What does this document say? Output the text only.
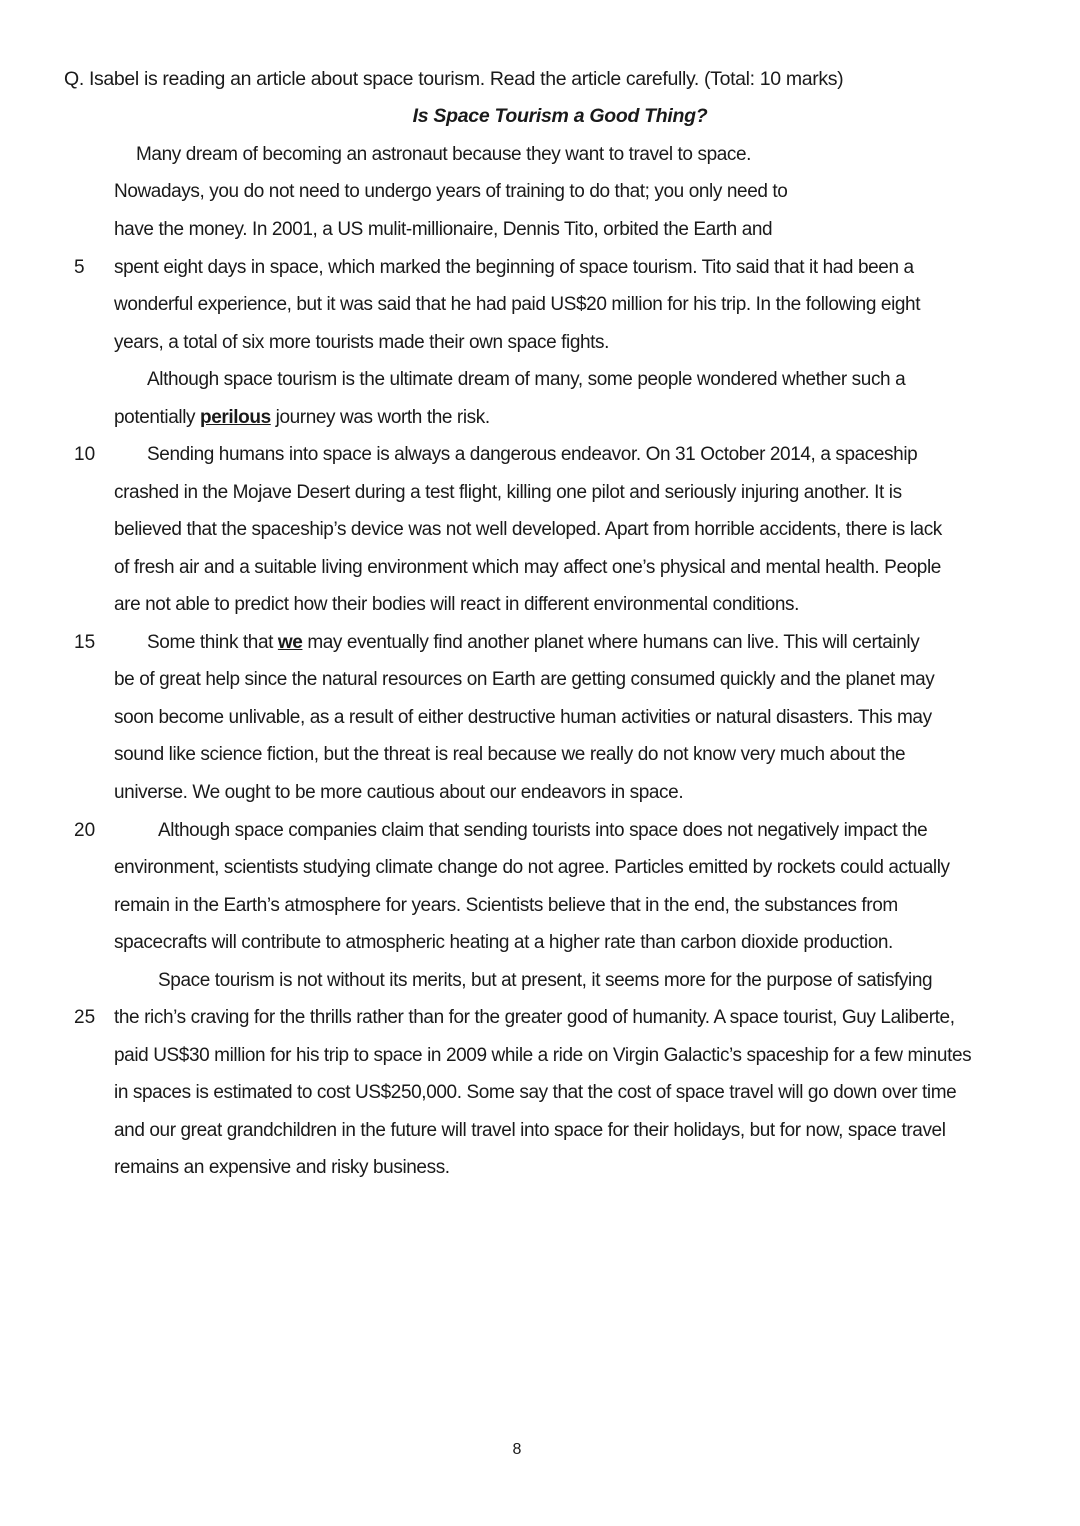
Q. Isabel is reading an article about space tourism. Read the article carefully. (Total: 10 marks)
Is Space Tourism a Good Thing?
Many dream of becoming an astronaut because they want to travel to space.
Nowadays, you do not need to undergo years of training to do that; you only need to
have the money. In 2001, a US mulit-millionaire, Dennis Tito, orbited the Earth and
5	spent eight days in space, which marked the beginning of space tourism. Tito said that it had been a
wonderful experience, but it was said that he had paid US$20 million for his trip. In the following eight
years, a total of six more tourists made their own space fights.
Although space tourism is the ultimate dream of many, some people wondered whether such a
potentially perilous journey was worth the risk.
10	Sending humans into space is always a dangerous endeavor. On 31 October 2014, a spaceship
crashed in the Mojave Desert during a test flight, killing one pilot and seriously injuring another. It is
believed that the spaceship’s device was not well developed. Apart from horrible accidents, there is lack
of fresh air and a suitable living environment which may affect one’s physical and mental health. People
are not able to predict how their bodies will react in different environmental conditions.
15	Some think that we may eventually find another planet where humans can live. This will certainly
be of great help since the natural resources on Earth are getting consumed quickly and the planet may
soon become unlivable, as a result of either destructive human activities or natural disasters. This may
sound like science fiction, but the threat is real because we really do not know very much about the
universe. We ought to be more cautious about our endeavors in space.
20	Although space companies claim that sending tourists into space does not negatively impact the
environment, scientists studying climate change do not agree. Particles emitted by rockets could actually
remain in the Earth’s atmosphere for years. Scientists believe that in the end, the substances from
spacecrafts will contribute to atmospheric heating at a higher rate than carbon dioxide production.
Space tourism is not without its merits, but at present, it seems more for the purpose of satisfying
25 the rich’s craving for the thrills rather than for the greater good of humanity. A space tourist, Guy Laliberte,
paid US$30 million for his trip to space in 2009 while a ride on Virgin Galactic’s spaceship for a few minutes
in spaces is estimated to cost US$250,000. Some say that the cost of space travel will go down over time
and our great grandchildren in the future will travel into space for their holidays, but for now, space travel
remains an expensive and risky business.
8
